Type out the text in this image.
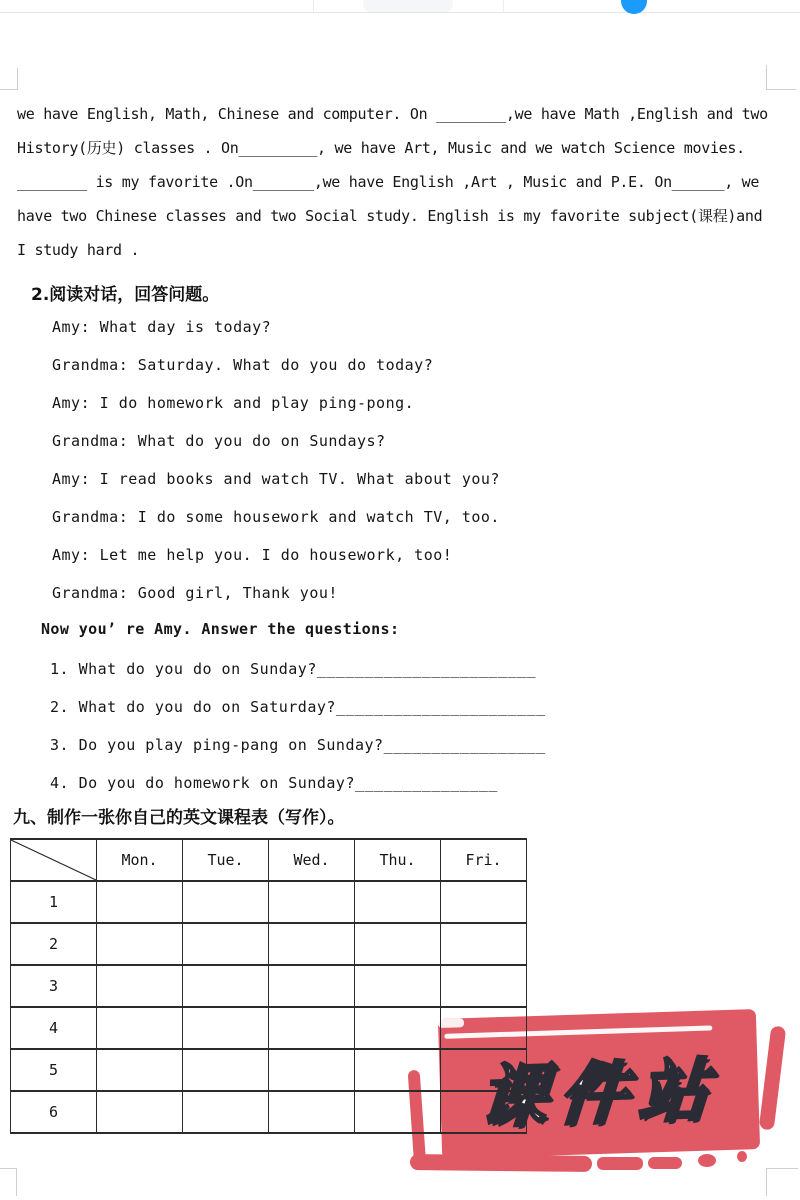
we have English, Math, Chinese and computer. On ________,we have Math ,English and two
History(历史) classes . On_________, we have Art, Music and we watch Science movies.
________ is my favorite .On_______,we have English ,Art , Music and P.E. On______, we
have two Chinese classes and two Social study. English is my favorite subject(课程)and
I study hard .
2.阅读对话，回答问题。
Amy: What day is today?
Grandma: Saturday. What do you do today?
Amy: I do homework and play ping-pong.
Grandma: What do you do on Sundays?
Amy: I read books and watch TV. What about you?
Grandma: I do some housework and watch TV, too.
Amy: Let me help you. I do housework, too!
Grandma: Good girl, Thank you!
Now you’ re Amy. Answer the questions:
1. What do you do on Sunday?_______________________
2. What do you do on Saturday?______________________
3. Do you play ping-pang on Sunday?_________________
4. Do you do homework on Sunday?_______________
九、制作一张你自己的英文课程表（写作）。
课件站
	Mon.	Tue.	Wed.	Thu.	Fri.
1					
2					
3					
4					
5					
6					
